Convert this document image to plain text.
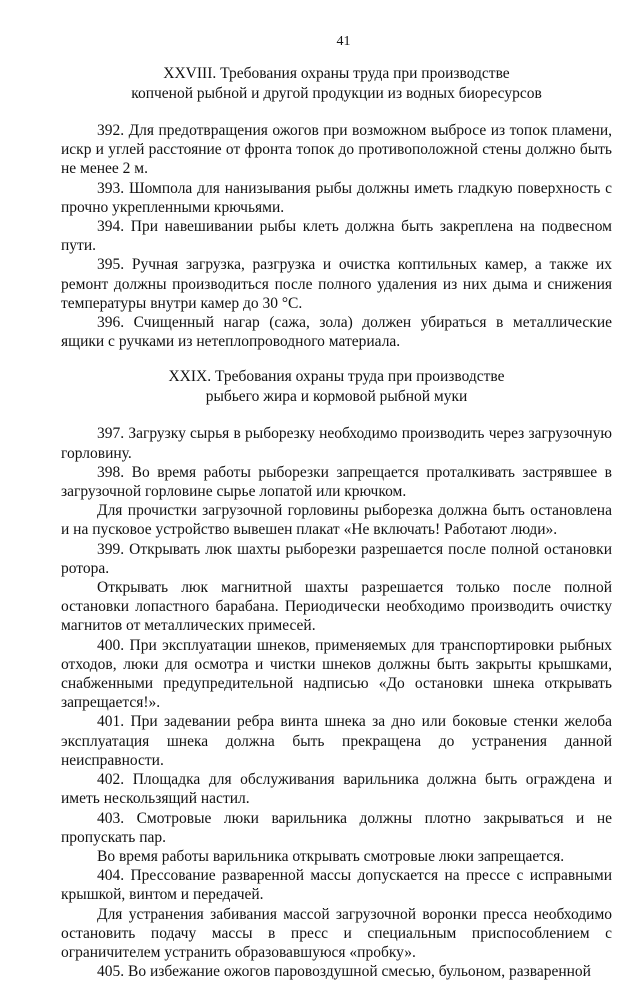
41
XXVIII. Требования охраны труда при производстве
копченой рыбной и другой продукции из водных биоресурсов

392. Для предотвращения ожогов при возможном выбросе из топок пламени, искр и углей расстояние от фронта топок до противоположной стены должно быть не менее 2 м.

393. Шомпола для нанизывания рыбы должны иметь гладкую поверхность с прочно укрепленными крючьями.

394. При навешивании рыбы клеть должна быть закреплена на подвесном пути.

395. Ручная загрузка, разгрузка и очистка коптильных камер, а также их ремонт должны производиться после полного удаления из них дыма и снижения температуры внутри камер до 30 °С.

396. Счищенный нагар (сажа, зола) должен убираться в металлические ящики с ручками из нетеплопроводного материала.

XXIX. Требования охраны труда при производстве
рыбьего жира и кормовой рыбной муки

397. Загрузку сырья в рыборезку необходимо производить через загрузочную горловину.

398. Во время работы рыборезки запрещается проталкивать застрявшее в загрузочной горловине сырье лопатой или крючком.

Для прочистки загрузочной горловины рыборезка должна быть остановлена и на пусковое устройство вывешен плакат «Не включать! Работают люди».

399. Открывать люк шахты рыборезки разрешается после полной остановки ротора.

Открывать люк магнитной шахты разрешается только после полной остановки лопастного барабана. Периодически необходимо производить очистку магнитов от металлических примесей.

400. При эксплуатации шнеков, применяемых для транспортировки рыбных отходов, люки для осмотра и чистки шнеков должны быть закрыты крышками, снабженными предупредительной надписью «До остановки шнека открывать запрещается!».

401. При задевании ребра винта шнека за дно или боковые стенки желоба эксплуатация шнека должна быть прекращена до устранения данной неисправности.

402. Площадка для обслуживания варильника должна быть ограждена и иметь нескользящий настил.

403. Смотровые люки варильника должны плотно закрываться и не пропускать пар.

Во время работы варильника открывать смотровые люки запрещается.

404. Прессование разваренной массы допускается на прессе с исправными крышкой, винтом и передачей.

Для устранения забивания массой загрузочной воронки пресса необходимо остановить подачу массы в пресс и специальным приспособлением с ограничителем устранить образовавшуюся «пробку».

405. Во избежание ожогов паровоздушной смесью, бульоном, разваренной
